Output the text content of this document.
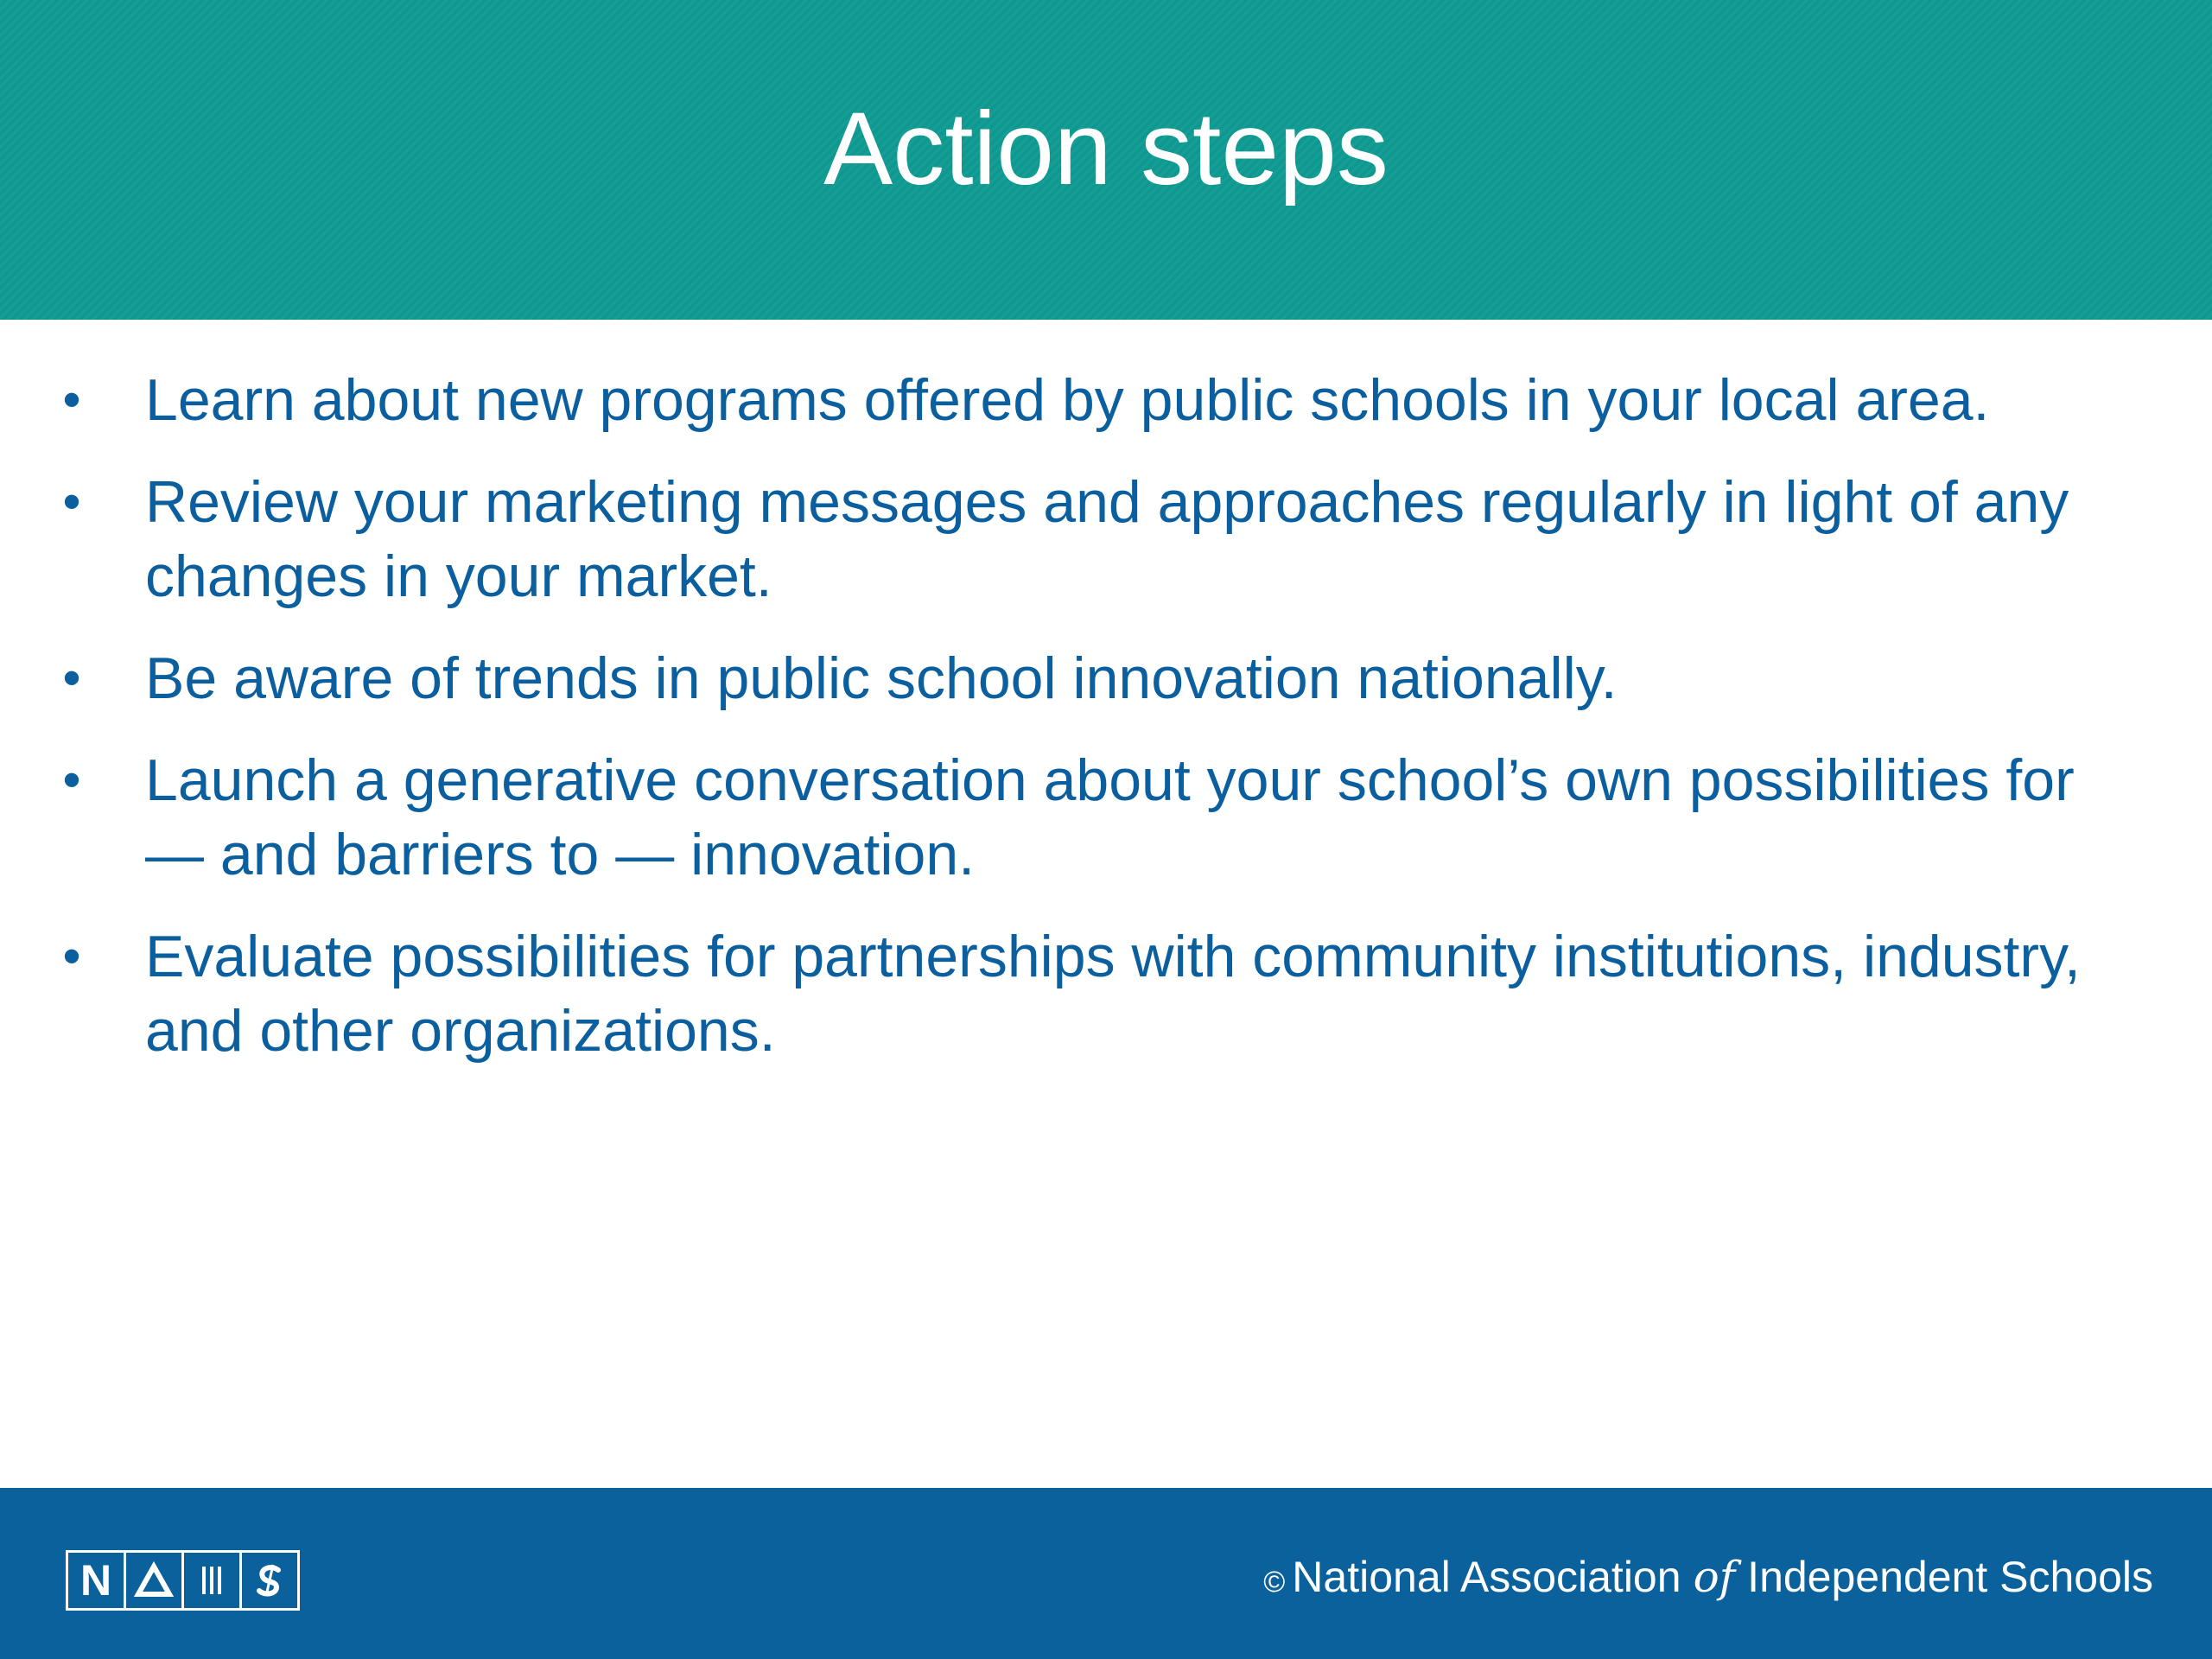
Action steps
• Learn about new programs offered by public schools in your local area.
• Review your marketing messages and approaches regularly in light of any changes in your market.
• Be aware of trends in public school innovation nationally.
• Launch a generative conversation about your school’s own possibilities for — and barriers to — innovation.
• Evaluate possibilities for partnerships with community institutions, industry, and other organizations.
N	© National Association of Independent Schools
